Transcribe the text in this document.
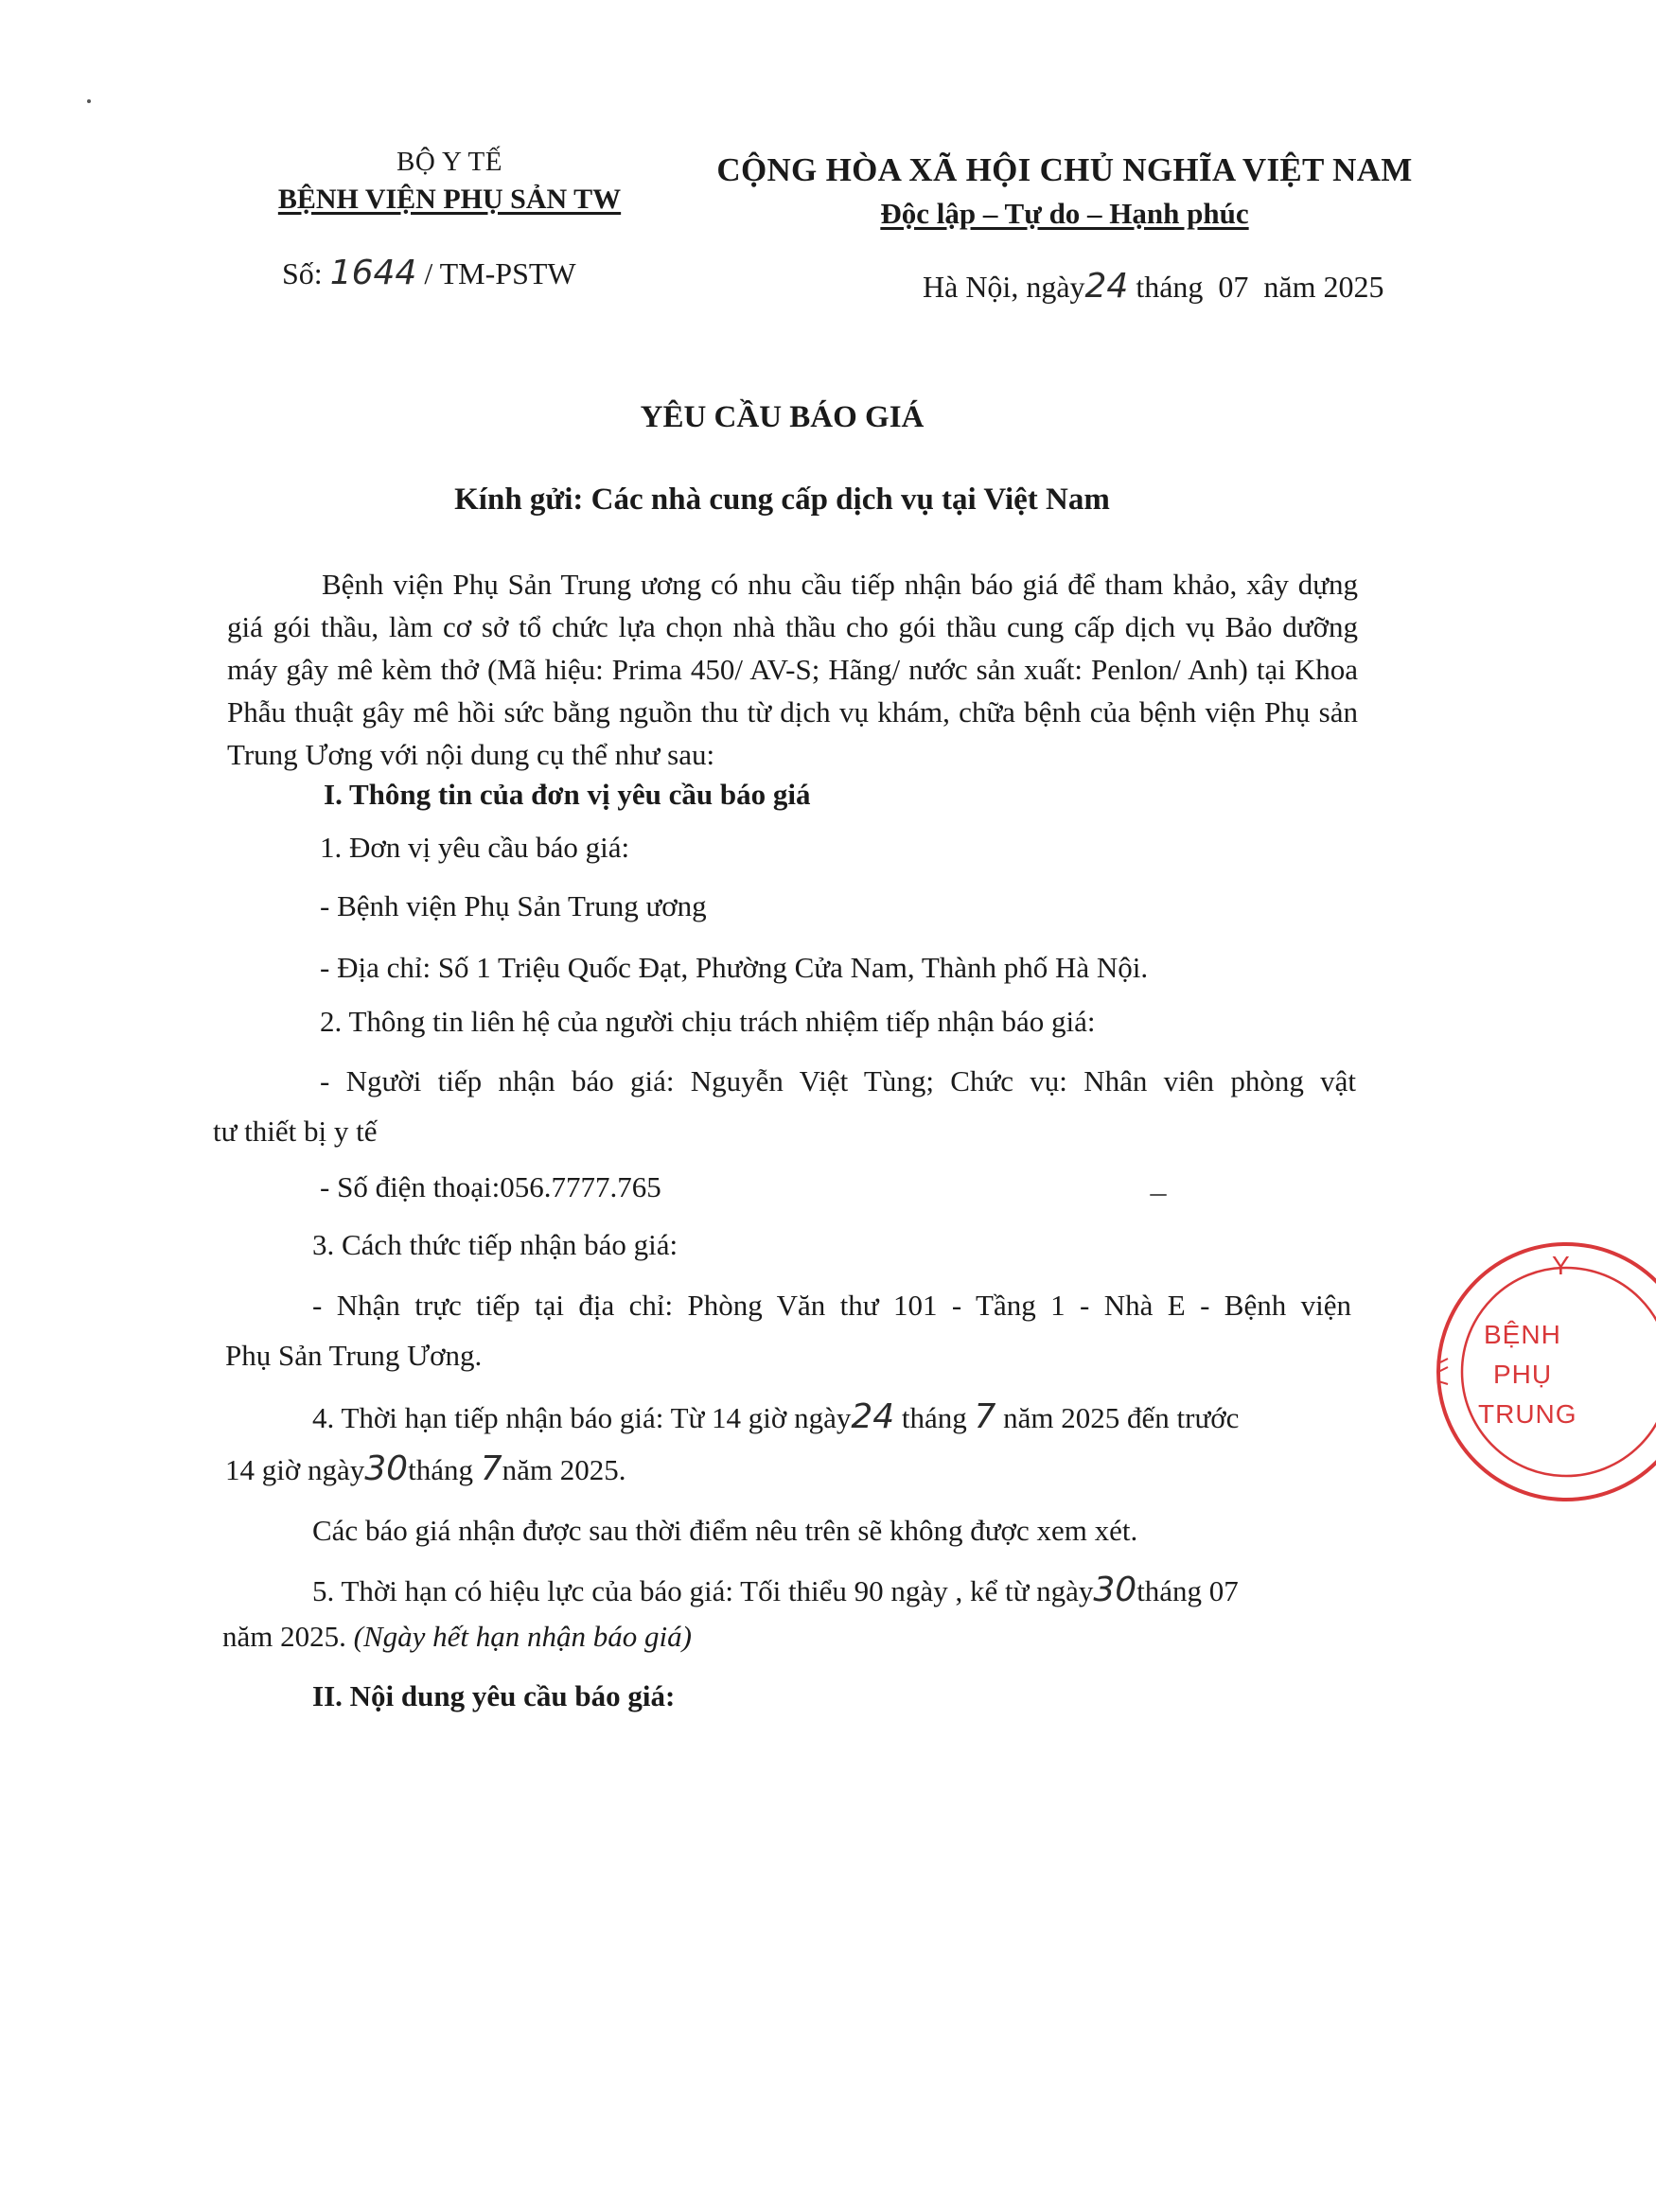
BỘ Y TẾ
BỆNH VIỆN PHỤ SẢN TW
Số: 1644 / TM-PSTW
CỘNG HÒA XÃ HỘI CHỦ NGHĨA VIỆT NAM
Độc lập – Tự do – Hạnh phúc
Hà Nội, ngày24 tháng  07  năm 2025
YÊU CẦU BÁO GIÁ
Kính gửi: Các nhà cung cấp dịch vụ tại Việt Nam

Bệnh viện Phụ Sản Trung ương có nhu cầu tiếp nhận báo giá để tham khảo, xây dựng giá gói thầu, làm cơ sở tổ chức lựa chọn nhà thầu cho gói thầu cung cấp dịch vụ Bảo dưỡng máy gây mê kèm thở (Mã hiệu: Prima 450/ AV-S; Hãng/ nước sản xuất: Penlon/ Anh) tại Khoa Phẫu thuật gây mê hồi sức bằng nguồn thu từ dịch vụ khám, chữa bệnh của bệnh viện Phụ sản Trung Ương với nội dung cụ thể như sau:

I. Thông tin của đơn vị yêu cầu báo giá
1. Đơn vị yêu cầu báo giá:
- Bệnh viện Phụ Sản Trung ương
- Địa chỉ: Số 1 Triệu Quốc Đạt, Phường Cửa Nam, Thành phố Hà Nội.
2. Thông tin liên hệ của người chịu trách nhiệm tiếp nhận báo giá:
- Người tiếp nhận báo giá: Nguyễn Việt Tùng; Chức vụ: Nhân viên phòng vật
tư thiết bị y tế
- Số điện thoại:056.7777.765
3. Cách thức tiếp nhận báo giá:
- Nhận trực tiếp tại địa chỉ: Phòng Văn thư 101 - Tầng 1 - Nhà E - Bệnh viện
Phụ Sản Trung Ương.
4. Thời hạn tiếp nhận báo giá: Từ 14 giờ ngày24 tháng 7 năm 2025 đến trước
14 giờ ngày30tháng 7năm 2025.
Các báo giá nhận được sau thời điểm nêu trên sẽ không được xem xét.
5. Thời hạn có hiệu lực của báo giá: Tối thiểu 90 ngày , kể từ ngày30tháng 07
năm 2025. (Ngày hết hạn nhận báo giá)
II. Nội dung yêu cầu báo giá:
Y
BỆNH
PHỤ
TRUNG
